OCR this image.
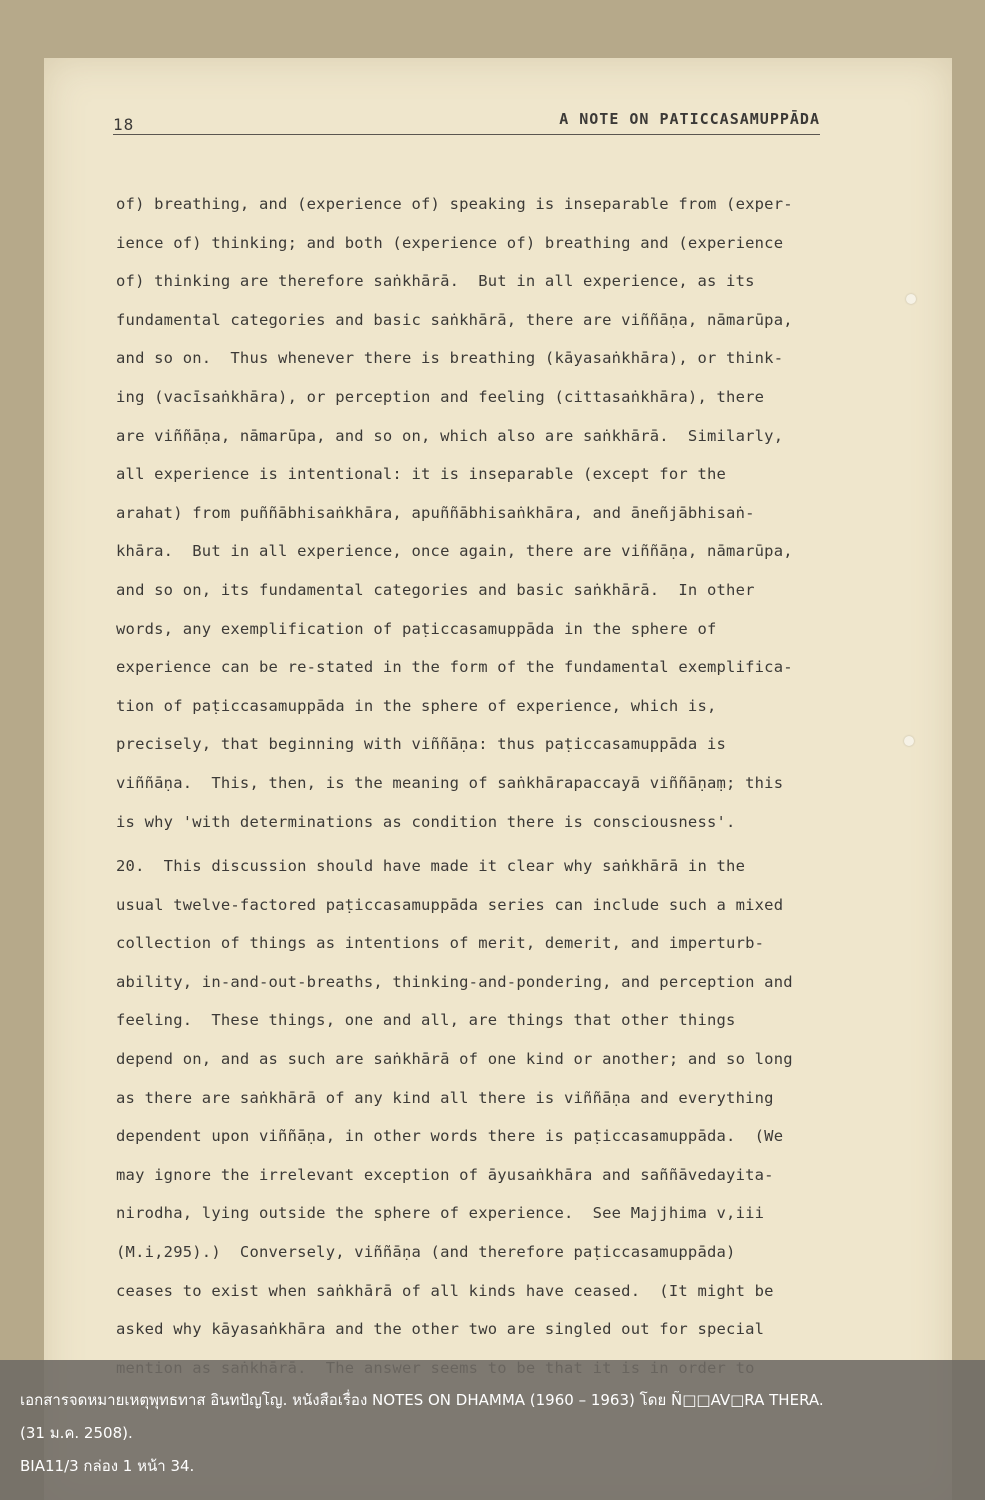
18	A NOTE ON PATICCASAMUPPĀDA
of) breathing, and (experience of) speaking is inseparable from (exper-
ience of) thinking; and both (experience of) breathing and (experience
of) thinking are therefore saṅkhārā.  But in all experience, as its
fundamental categories and basic saṅkhārā, there are viññāṇa, nāmarūpa,
and so on.  Thus whenever there is breathing (kāyasaṅkhāra), or think-
ing (vacīsaṅkhāra), or perception and feeling (cittasaṅkhāra), there
are viññāṇa, nāmarūpa, and so on, which also are saṅkhārā.  Similarly,
all experience is intentional: it is inseparable (except for the
arahat) from puññābhisaṅkhāra, apuññābhisaṅkhāra, and āneñjābhisaṅ-
khāra.  But in all experience, once again, there are viññāṇa, nāmarūpa,
and so on, its fundamental categories and basic saṅkhārā.  In other
words, any exemplification of paṭiccasamuppāda in the sphere of
experience can be re-stated in the form of the fundamental exemplifica-
tion of paṭiccasamuppāda in the sphere of experience, which is,
precisely, that beginning with viññāṇa: thus paṭiccasamuppāda is
viññāṇa.  This, then, is the meaning of saṅkhārapaccayā viññāṇaṃ; this
is why 'with determinations as condition there is consciousness'.
20.  This discussion should have made it clear why saṅkhārā in the
usual twelve-factored paṭiccasamuppāda series can include such a mixed
collection of things as intentions of merit, demerit, and imperturb-
ability, in-and-out-breaths, thinking-and-pondering, and perception and
feeling.  These things, one and all, are things that other things
depend on, and as such are saṅkhārā of one kind or another; and so long
as there are saṅkhārā of any kind all there is viññāṇa and everything
dependent upon viññāṇa, in other words there is paṭiccasamuppāda.  (We
may ignore the irrelevant exception of āyusaṅkhāra and saññāvedayita-
nirodha, lying outside the sphere of experience.  See Majjhima v,iii
(M.i,295).)  Conversely, viññāṇa (and therefore paṭiccasamuppāda)
ceases to exist when saṅkhārā of all kinds have ceased.  (It might be
asked why kāyasaṅkhāra and the other two are singled out for special
เอกสารจดหมายเหตุพุทธทาส อินทปัญโญ. หนังสือเรื่อง NOTES ON DHAMMA (1960 – 1963) โดย Ñ□□AV□RA THERA.
(31 ม.ค. 2508).
BIA11/3 กล่อง 1 หน้า 34.
